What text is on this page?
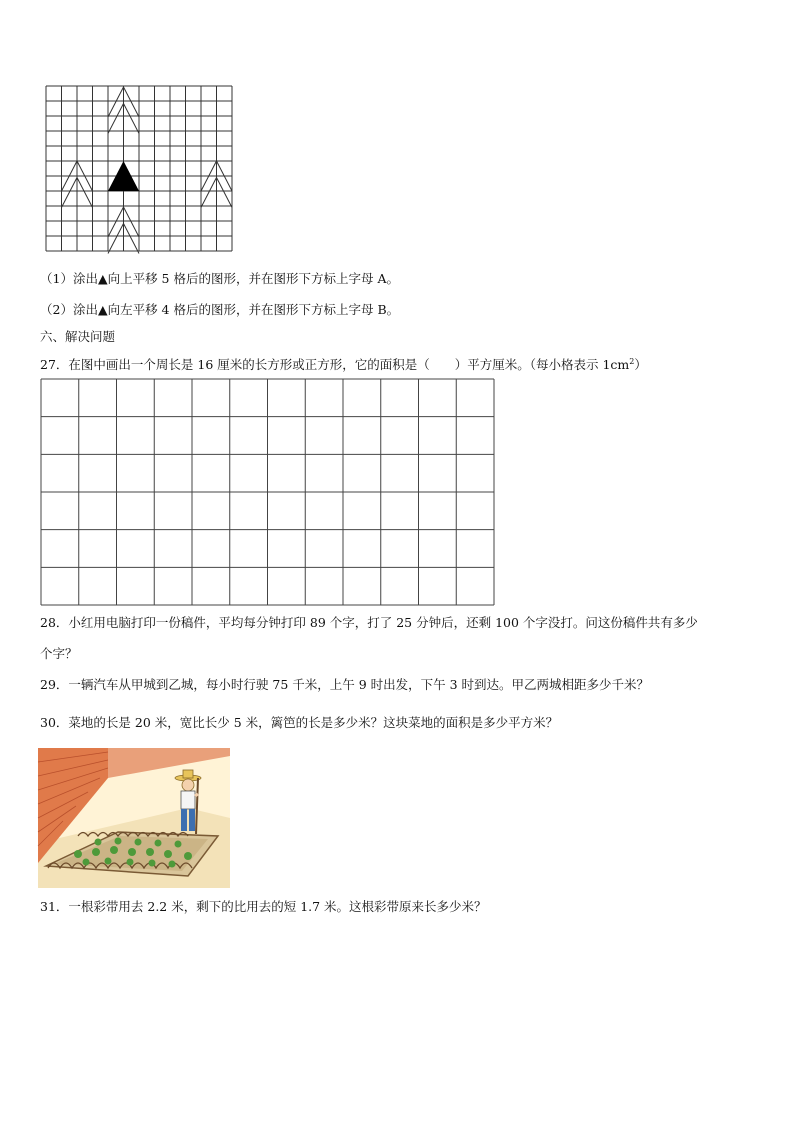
（1）涂出▲向上平移 5 格后的图形，并在图形下方标上字母 A。
（2）涂出▲向左平移 4 格后的图形，并在图形下方标上字母 B。
六、解决问题
27．在图中画出一个周长是 16 厘米的长方形或正方形，它的面积是（　　）平方厘米。（每小格表示 $1cm^2$）
28．小红用电脑打印一份稿件，平均每分钟打印 89 个字，打了 25 分钟后，还剩 100 个字没打。问这份稿件共有多少
个字？
29．一辆汽车从甲城到乙城，每小时行驶 75 千米，上午 9 时出发，下午 3 时到达。甲乙两城相距多少千米？
30．菜地的长是 20 米，宽比长少 5 米，篱笆的长是多少米？这块菜地的面积是多少平方米？
31．一根彩带用去 2.2 米，剩下的比用去的短 1.7 米。这根彩带原来长多少米？
